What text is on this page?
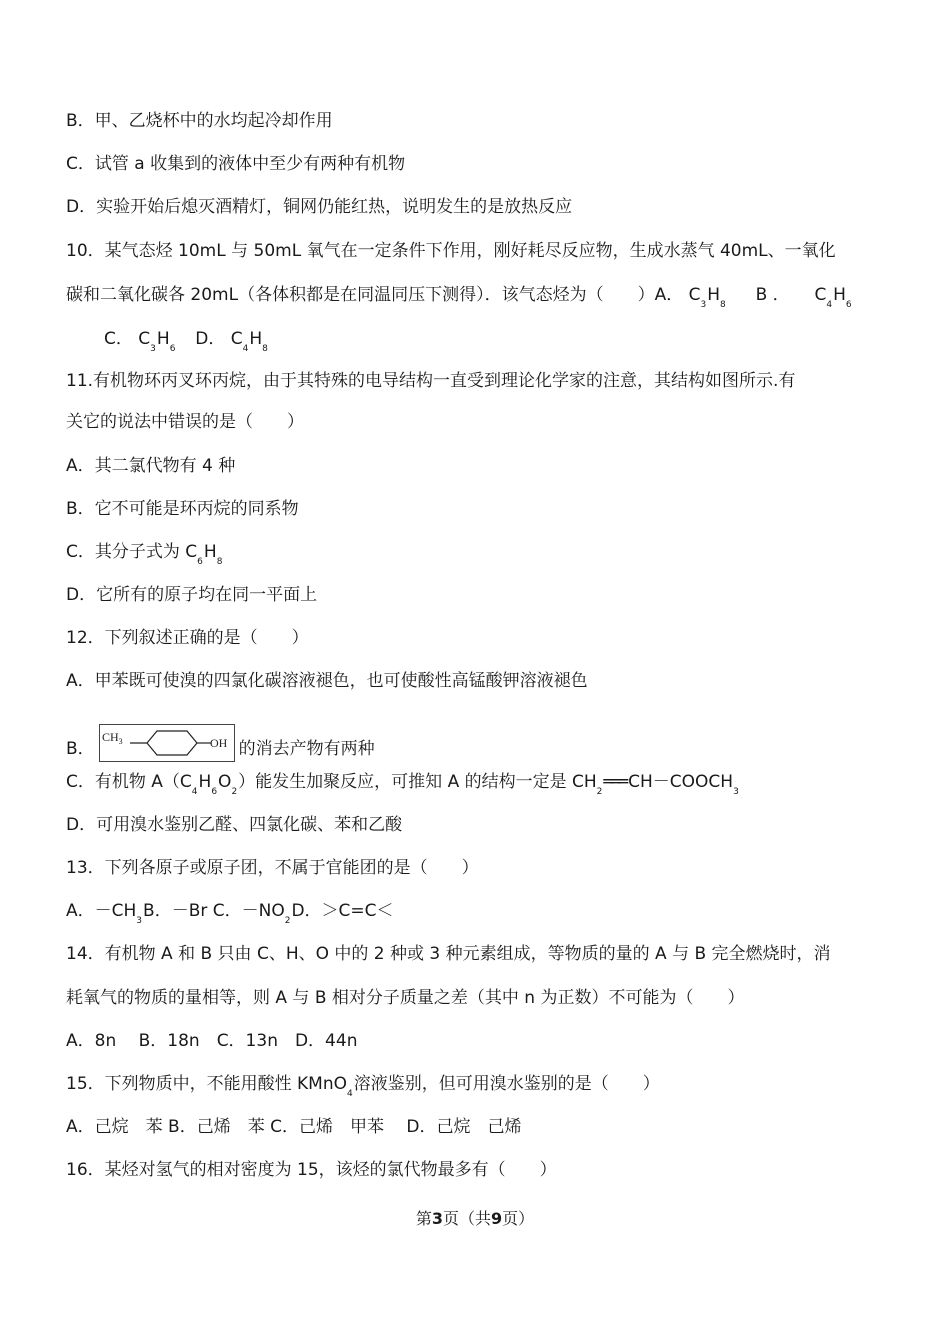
B．甲、乙烧杯中的水均起冷却作用
C．试管 a 收集到的液体中至少有两种有机物
D．实验开始后熄灭酒精灯，铜网仍能红热，说明发生的是放热反应
10．某气态烃 10mL 与 50mL 氧气在一定条件下作用，刚好耗尽反应物，生成水蒸气 40mL、一氧化
碳和二氧化碳各 20mL（各体积都是在同温同压下测得）．该气态烃为（　　）A． $C_3H_8$ B ． $C_4H_6$
C． $C_3H_6$ D． $C_4H_8$
11.有机物环丙叉环丙烷，由于其特殊的电导结构一直受到理论化学家的注意，其结构如图所示.有
关它的说法中错误的是（　　）
A．其二氯代物有 4 种
B．它不可能是环丙烷的同系物
C．其分子式为 $C_6H_8$
D．它所有的原子均在同一平面上
12．下列叙述正确的是（　　）
A．甲苯既可使溴的四氯化碳溶液褪色，也可使酸性高锰酸钾溶液褪色
B．
$CH_3$	OH 的消去产物有两种
C．有机物 $A(C_4H_6O_2)$能发生加聚反应，可推知 A 的结构一定是 $CH_2═══$ $CH-COOCH_3$
D．可用溴水鉴别乙醛、四氯化碳、苯和乙酸
13．下列各原子或原子团，不属于官能团的是（　　）
A．$-CH_3B$．－Br C．$-NO_2D$．＞C=C＜
14．有机物 A 和 B 只由 C、H、O 中的 2 种或 3 种元素组成，等物质的量的 A 与 B 完全燃烧时，消
耗氧气的物质的量相等，则 A 与 B 相对分子质量之差（其中 n 为正数）不可能为（　　）
A．8n　 B．18n　C．13n　D．44n
15．下列物质中，不能用酸性 KMnO$_4$溶液鉴别，但可用溴水鉴别的是（　　）
A．己烷　苯 B．己烯　苯 C．己烯　甲苯　 D．己烷　己烯
16．某烃对氢气的相对密度为 15，该烃的氯代物最多有（　　）
第3页（共9页）
